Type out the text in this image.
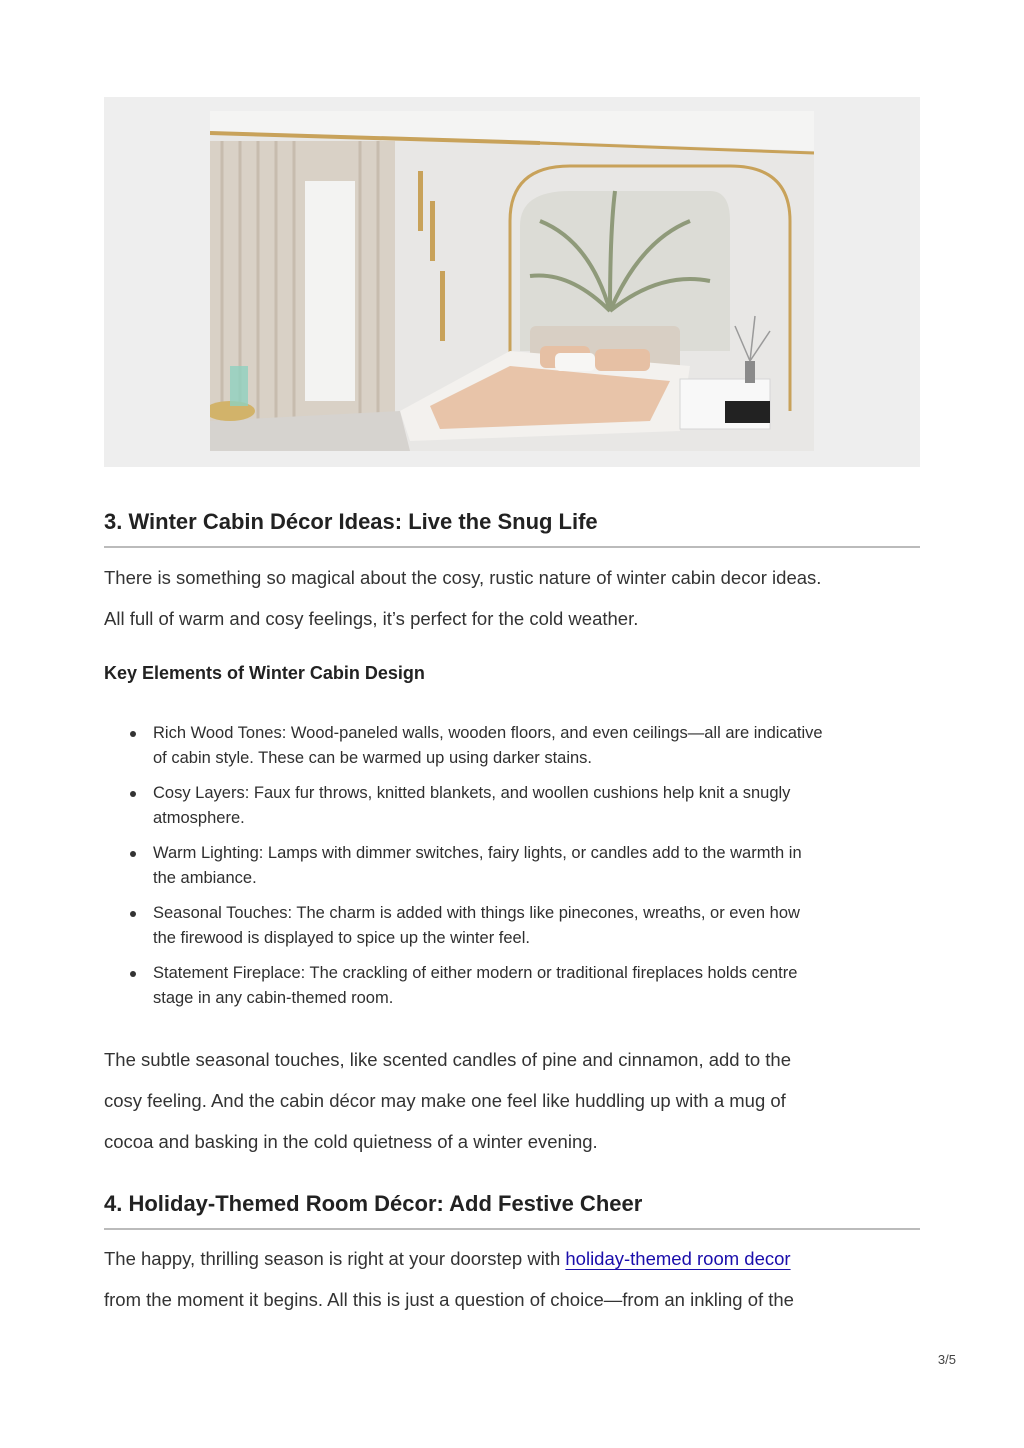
3. Winter Cabin Décor Ideas: Live the Snug Life

There is something so magical about the cosy, rustic nature of winter cabin decor ideas.
All full of warm and cosy feelings, it’s perfect for the cold weather.

Key Elements of Winter Cabin Design
Rich Wood Tones: Wood-paneled walls, wooden floors, and even ceilings—all are indicative
of cabin style. These can be warmed up using darker stains.
Cosy Layers: Faux fur throws, knitted blankets, and woollen cushions help knit a snugly
atmosphere.
Warm Lighting: Lamps with dimmer switches, fairy lights, or candles add to the warmth in
the ambiance.
Seasonal Touches: The charm is added with things like pinecones, wreaths, or even how
the firewood is displayed to spice up the winter feel.
Statement Fireplace: The crackling of either modern or traditional fireplaces holds centre
stage in any cabin-themed room.

The subtle seasonal touches, like scented candles of pine and cinnamon, add to the
cosy feeling. And the cabin décor may make one feel like huddling up with a mug of
cocoa and basking in the cold quietness of a winter evening.

4. Holiday-Themed Room Décor: Add Festive Cheer

The happy, thrilling season is right at your doorstep with holiday-themed room decor
from the moment it begins. All this is just a question of choice—from an inkling of the

3/5
